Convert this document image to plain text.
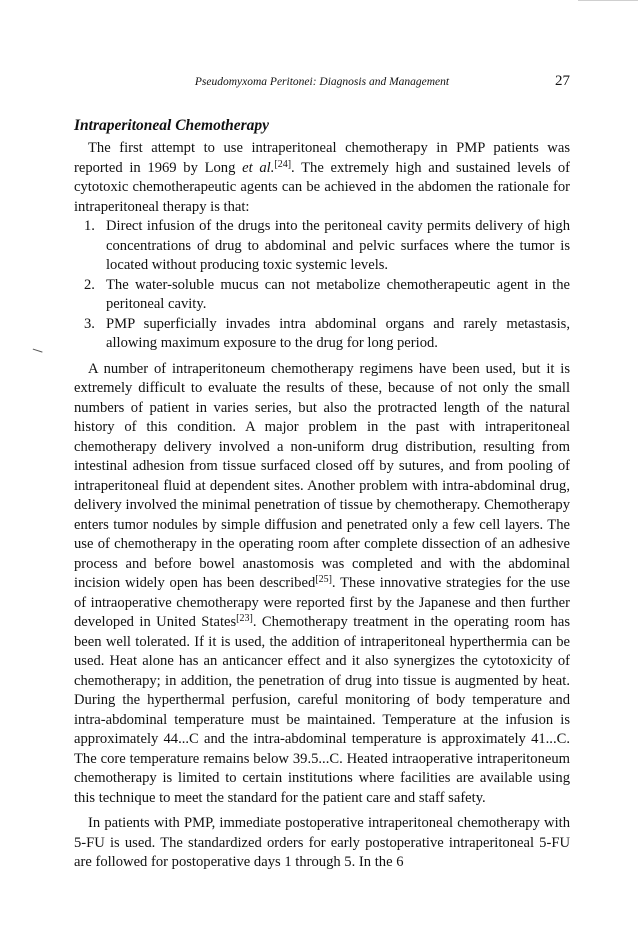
Pseudomyxoma Peritonei: Diagnosis and Management	27
Intraperitoneal Chemotherapy

The first attempt to use intraperitoneal chemotherapy in PMP patients was reported in 1969 by Long et al.[24]. The extremely high and sustained levels of cytotoxic chemotherapeutic agents can be achieved in the abdomen the rationale for intraperitoneal therapy is that:

1. Direct infusion of the drugs into the peritoneal cavity permits delivery of high concentrations of drug to abdominal and pelvic surfaces where the tumor is located without producing toxic systemic levels.
2. The water-soluble mucus can not metabolize chemotherapeutic agent in the peritoneal cavity.
3. PMP superficially invades intra abdominal organs and rarely metastasis, allowing maximum exposure to the drug for long period.

A number of intraperitoneum chemotherapy regimens have been used, but it is extremely difficult to evaluate the results of these, because of not only the small numbers of patient in varies series, but also the protracted length of the natural history of this condition. A major problem in the past with intraperitoneal chemotherapy delivery involved a non-uniform drug distribution, resulting from intestinal adhesion from tissue surfaced closed off by sutures, and from pooling of intraperitoneal fluid at dependent sites. Another problem with intra-abdominal drug, delivery involved the minimal penetration of tissue by chemotherapy. Chemotherapy enters tumor nodules by simple diffusion and penetrated only a few cell layers. The use of chemotherapy in the operating room after complete dissection of an adhesive process and before bowel anastomosis was completed and with the abdominal incision widely open has been described[25]. These innovative strategies for the use of intraoperative chemotherapy were reported first by the Japanese and then further developed in United States[23]. Chemotherapy treatment in the operating room has been well tolerated. If it is used, the addition of intraperitoneal hyperthermia can be used. Heat alone has an anticancer effect and it also synergizes the cytotoxicity of chemotherapy; in addition, the penetration of drug into tissue is augmented by heat. During the hyperthermal perfusion, careful monitoring of body temperature and intra-abdominal temperature must be maintained. Temperature at the infusion is approximately 44...C and the intra-abdominal temperature is approximately 41...C. The core temperature remains below 39.5...C. Heated intraoperative intraperitoneum chemotherapy is limited to certain institutions where facilities are available using this technique to meet the standard for the patient care and staff safety.

In patients with PMP, immediate postoperative intraperitoneal chemotherapy with 5-FU is used. The standardized orders for early postoperative intraperitoneal 5-FU are followed for postoperative days 1 through 5. In the 6
